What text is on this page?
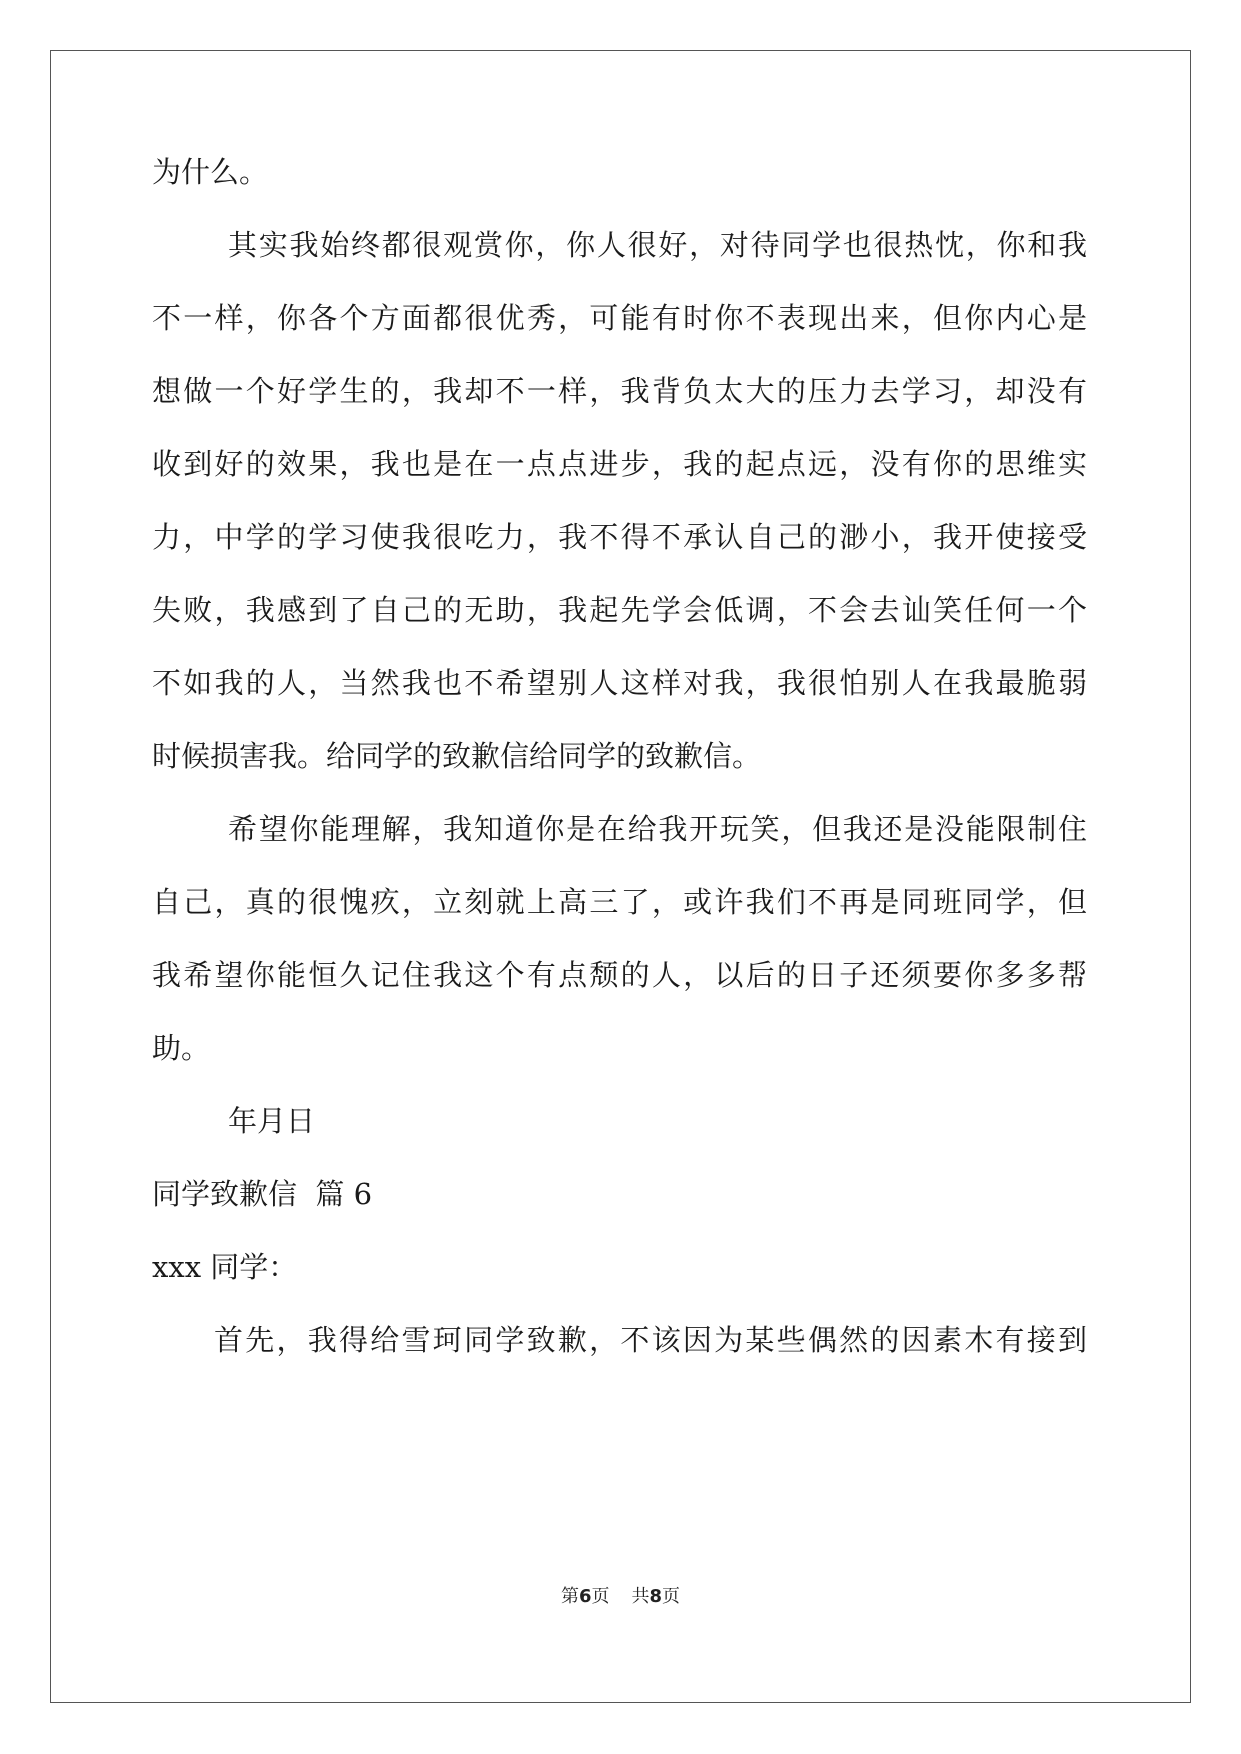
为什么。
其实我始终都很观赏你，你人很好，对待同学也很热忱，你和我
不一样，你各个方面都很优秀，可能有时你不表现出来，但你内心是
想做一个好学生的，我却不一样，我背负太大的压力去学习，却没有
收到好的效果，我也是在一点点进步，我的起点远，没有你的思维实
力，中学的学习使我很吃力，我不得不承认自己的渺小，我开使接受
失败，我感到了自己的无助，我起先学会低调，不会去讪笑任何一个
不如我的人，当然我也不希望别人这样对我，我很怕别人在我最脆弱
时候损害我。给同学的致歉信给同学的致歉信。
希望你能理解，我知道你是在给我开玩笑，但我还是没能限制住
自己，真的很愧疚，立刻就上高三了，或许我们不再是同班同学，但
我希望你能恒久记住我这个有点颓的人，以后的日子还须要你多多帮
助。
年月日
同学致歉信  篇 6
xxx 同学：
首先，我得给雪珂同学致歉，不该因为某些偶然的因素木有接到
第6页 共8页
